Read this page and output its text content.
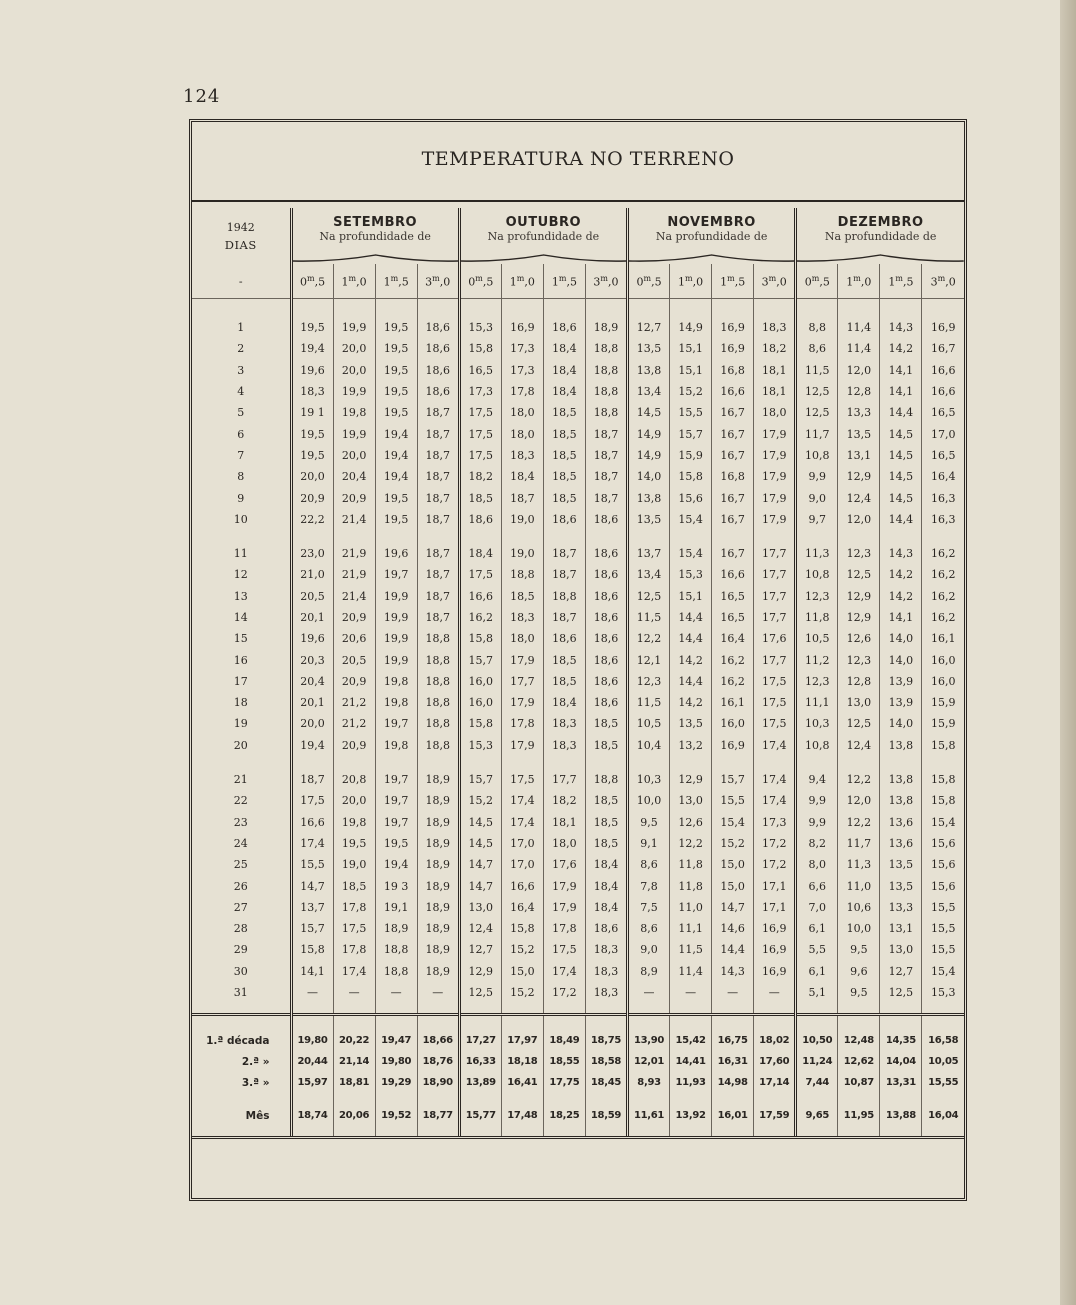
124
TEMPERATURA NO TERRENO
1942
DIAS	SETEMBRO				OUTUBRO				NOVEMBRO				DEZEMBRO			
	Na profundidade de				Na profundidade de				Na profundidade de				Na profundidade de			

-	0$^m$,5	1$^m$,0	1$^m$,5	3$^m$,0	0$^m$,5	1$^m$,0	1$^m$,5	3$^m$,0	0$^m$,5	1$^m$,0	1$^m$,5	3$^m$,0	0$^m$,5	1$^m$,0	1$^m$,5	3$^m$,0
1	19,5	19,9	19,5	18,6	15,3	16,9	18,6	18,9	12,7	14,9	16,9	18,3	8,8	11,4	14,3	16,9
2	19,4	20,0	19,5	18,6	15,8	17,3	18,4	18,8	13,5	15,1	16,9	18,2	8,6	11,4	14,2	16,7
3	19,6	20,0	19,5	18,6	16,5	17,3	18,4	18,8	13,8	15,1	16,8	18,1	11,5	12,0	14,1	16,6
4	18,3	19,9	19,5	18,6	17,3	17,8	18,4	18,8	13,4	15,2	16,6	18,1	12,5	12,8	14,1	16,6
5	19 1	19,8	19,5	18,7	17,5	18,0	18,5	18,8	14,5	15,5	16,7	18,0	12,5	13,3	14,4	16,5
6	19,5	19,9	19,4	18,7	17,5	18,0	18,5	18,7	14,9	15,7	16,7	17,9	11,7	13,5	14,5	17,0
7	19,5	20,0	19,4	18,7	17,5	18,3	18,5	18,7	14,9	15,9	16,7	17,9	10,8	13,1	14,5	16,5
8	20,0	20,4	19,4	18,7	18,2	18,4	18,5	18,7	14,0	15,8	16,8	17,9	9,9	12,9	14,5	16,4
9	20,9	20,9	19,5	18,7	18,5	18,7	18,5	18,7	13,8	15,6	16,7	17,9	9,0	12,4	14,5	16,3
10	22,2	21,4	19,5	18,7	18,6	19,0	18,6	18,6	13,5	15,4	16,7	17,9	9,7	12,0	14,4	16,3
11	23,0	21,9	19,6	18,7	18,4	19,0	18,7	18,6	13,7	15,4	16,7	17,7	11,3	12,3	14,3	16,2
12	21,0	21,9	19,7	18,7	17,5	18,8	18,7	18,6	13,4	15,3	16,6	17,7	10,8	12,5	14,2	16,2
13	20,5	21,4	19,9	18,7	16,6	18,5	18,8	18,6	12,5	15,1	16,5	17,7	12,3	12,9	14,2	16,2
14	20,1	20,9	19,9	18,7	16,2	18,3	18,7	18,6	11,5	14,4	16,5	17,7	11,8	12,9	14,1	16,2
15	19,6	20,6	19,9	18,8	15,8	18,0	18,6	18,6	12,2	14,4	16,4	17,6	10,5	12,6	14,0	16,1
16	20,3	20,5	19,9	18,8	15,7	17,9	18,5	18,6	12,1	14,2	16,2	17,7	11,2	12,3	14,0	16,0
17	20,4	20,9	19,8	18,8	16,0	17,7	18,5	18,6	12,3	14,4	16,2	17,5	12,3	12,8	13,9	16,0
18	20,1	21,2	19,8	18,8	16,0	17,9	18,4	18,6	11,5	14,2	16,1	17,5	11,1	13,0	13,9	15,9
19	20,0	21,2	19,7	18,8	15,8	17,8	18,3	18,5	10,5	13,5	16,0	17,5	10,3	12,5	14,0	15,9
20	19,4	20,9	19,8	18,8	15,3	17,9	18,3	18,5	10,4	13,2	16,9	17,4	10,8	12,4	13,8	15,8
21	18,7	20,8	19,7	18,9	15,7	17,5	17,7	18,8	10,3	12,9	15,7	17,4	9,4	12,2	13,8	15,8
22	17,5	20,0	19,7	18,9	15,2	17,4	18,2	18,5	10,0	13,0	15,5	17,4	9,9	12,0	13,8	15,8
23	16,6	19,8	19,7	18,9	14,5	17,4	18,1	18,5	9,5	12,6	15,4	17,3	9,9	12,2	13,6	15,4
24	17,4	19,5	19,5	18,9	14,5	17,0	18,0	18,5	9,1	12,2	15,2	17,2	8,2	11,7	13,6	15,6
25	15,5	19,0	19,4	18,9	14,7	17,0	17,6	18,4	8,6	11,8	15,0	17,2	8,0	11,3	13,5	15,6
26	14,7	18,5	19 3	18,9	14,7	16,6	17,9	18,4	7,8	11,8	15,0	17,1	6,6	11,0	13,5	15,6
27	13,7	17,8	19,1	18,9	13,0	16,4	17,9	18,4	7,5	11,0	14,7	17,1	7,0	10,6	13,3	15,5
28	15,7	17,5	18,9	18,9	12,4	15,8	17,8	18,6	8,6	11,1	14,6	16,9	6,1	10,0	13,1	15,5
29	15,8	17,8	18,8	18,9	12,7	15,2	17,5	18,3	9,0	11,5	14,4	16,9	5,5	9,5	13,0	15,5
30	14,1	17,4	18,8	18,9	12,9	15,0	17,4	18,3	8,9	11,4	14,3	16,9	6,1	9,6	12,7	15,4
31	—	—	—	—	12,5	15,2	17,2	18,3	—	—	—	—	5,1	9,5	12,5	15,3
1.ª década	19,80	20,22	19,47	18,66	17,27	17,97	18,49	18,75	13,90	15,42	16,75	18,02	10,50	12,48	14,35	16,58
2.ª »	20,44	21,14	19,80	18,76	16,33	18,18	18,55	18,58	12,01	14,41	16,31	17,60	11,24	12,62	14,04	10,05
3.ª »	15,97	18,81	19,29	18,90	13,89	16,41	17,75	18,45	8,93	11,93	14,98	17,14	7,44	10,87	13,31	15,55
Mês	18,74	20,06	19,52	18,77	15,77	17,48	18,25	18,59	11,61	13,92	16,01	17,59	9,65	11,95	13,88	16,04
